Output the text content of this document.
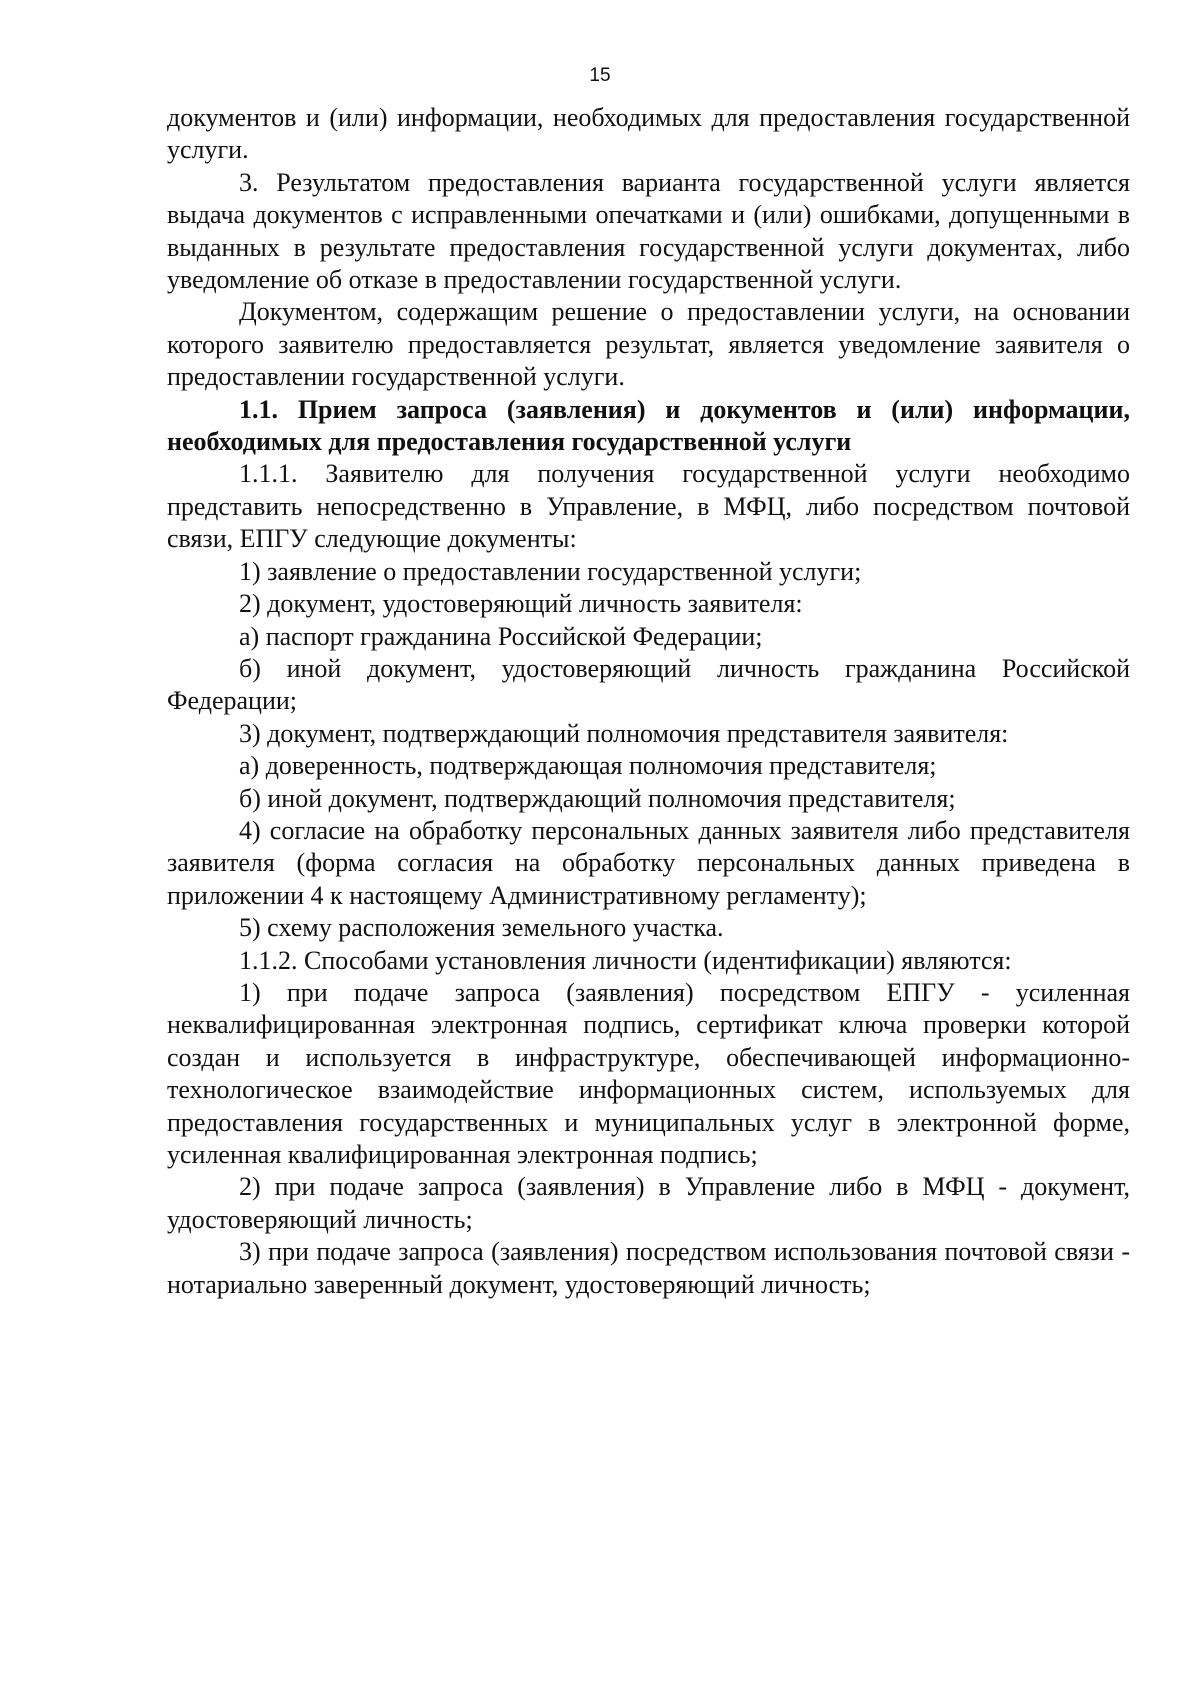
15

документов и (или) информации, необходимых для предоставления государственной услуги.

3. Результатом предоставления варианта государственной услуги является выдача документов с исправленными опечатками и (или) ошибками, допущенными в выданных в результате предоставления государственной услуги документах, либо уведомление об отказе в предоставлении государственной услуги.

Документом, содержащим решение о предоставлении услуги, на основании которого заявителю предоставляется результат, является уведомление заявителя о предоставлении государственной услуги.

1.1. Прием запроса (заявления) и документов и (или) информации, необходимых для предоставления государственной услуги

1.1.1. Заявителю для получения государственной услуги необходимо представить непосредственно в Управление, в МФЦ, либо посредством почтовой связи, ЕПГУ следующие документы:

1) заявление о предоставлении государственной услуги;

2) документ, удостоверяющий личность заявителя:

а) паспорт гражданина Российской Федерации;

б) иной документ, удостоверяющий личность гражданина Российской Федерации;

3) документ, подтверждающий полномочия представителя заявителя:

а) доверенность, подтверждающая полномочия представителя;

б) иной документ, подтверждающий полномочия представителя;

4) согласие на обработку персональных данных заявителя либо представителя заявителя (форма согласия на обработку персональных данных приведена в приложении 4 к настоящему Административному регламенту);

5) схему расположения земельного участка.

1.1.2. Способами установления личности (идентификации) являются:

1) при подаче запроса (заявления) посредством ЕПГУ - усиленная неквалифицированная электронная подпись, сертификат ключа проверки которой создан и используется в инфраструктуре, обеспечивающей информационно-технологическое взаимодействие информационных систем, используемых для предоставления государственных и муниципальных услуг в электронной форме, усиленная квалифицированная электронная подпись;

2) при подаче запроса (заявления) в Управление либо в МФЦ - документ, удостоверяющий личность;

3) при подаче запроса (заявления) посредством использования почтовой связи - нотариально заверенный документ, удостоверяющий личность;
